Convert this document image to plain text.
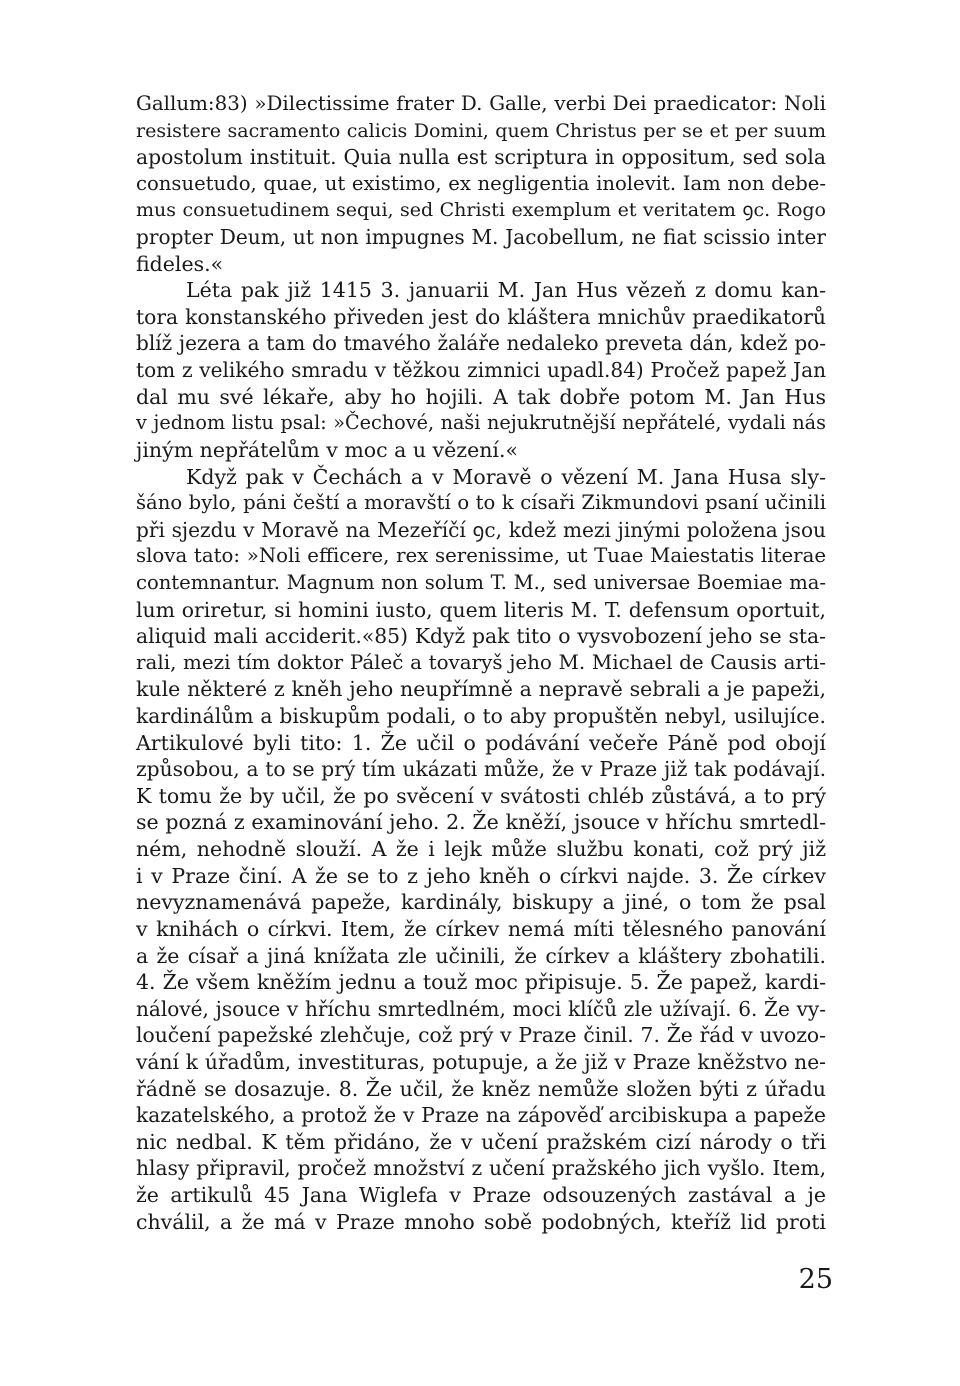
Gallum:83) »Dilectissime frater D. Galle, verbi Dei praedicator: Noli
resistere sacramento calicis Domini, quem Christus per se et per suum
apostolum instituit. Quia nulla est scriptura in oppositum, sed sola
consuetudo, quae, ut existimo, ex negligentia inolevit. Iam non debe-
mus consuetudinem sequi, sed Christi exemplum et veritatem ꝯc. Rogo
propter Deum, ut non impugnes M. Jacobellum, ne fiat scissio inter
fideles.«
Léta pak již 1415 3. januarii M. Jan Hus vězeň z domu kan-
tora konstanského přiveden jest do kláštera mnichův praedikatorů
blíž jezera a tam do tmavého žaláře nedaleko preveta dán, kdež po-
tom z velikého smradu v těžkou zimnici upadl.84) Pročež papež Jan
dal mu své lékaře, aby ho hojili. A tak dobře potom M. Jan Hus
v jednom listu psal: »Čechové, naši nejukrutnější nepřátelé, vydali nás
jiným nepřátelům v moc a u vězení.«
Když pak v Čechách a v Moravě o vězení M. Jana Husa sly-
šáno bylo, páni čeští a moravští o to k císaři Zikmundovi psaní učinili
při sjezdu v Moravě na Mezeříčí ꝯc, kdež mezi jinými položena jsou
slova tato: »Noli efficere, rex serenissime, ut Tuae Maiestatis literae
contemnantur. Magnum non solum T. M., sed universae Boemiae ma-
lum oriretur, si homini iusto, quem literis M. T. defensum oportuit,
aliquid mali acciderit.«85) Když pak tito o vysvobození jeho se sta-
rali, mezi tím doktor Páleč a tovaryš jeho M. Michael de Causis arti-
kule některé z kněh jeho neupřímně a nepravě sebrali a je papeži,
kardinálům a biskupům podali, o to aby propuštěn nebyl, usilujíce.
Artikulové byli tito: 1. Že učil o podávání večeře Páně pod obojí
způsobou, a to se prý tím ukázati může, že v Praze již tak podávají.
K tomu že by učil, že po svěcení v svátosti chléb zůstává, a to prý
se pozná z examinování jeho. 2. Že kněží, jsouce v hříchu smrtedl-
ném, nehodně slouží. A že i lejk může službu konati, což prý již
i v Praze činí. A že se to z jeho kněh o církvi najde. 3. Že církev
nevyznamenává papeže, kardinály, biskupy a jiné, o tom že psal
v knihách o církvi. Item, že církev nemá míti tělesného panování
a že císař a jiná knížata zle učinili, že církev a kláštery zbohatili.
4. Že všem kněžím jednu a touž moc připisuje. 5. Že papež, kardi-
nálové, jsouce v hříchu smrtedlném, moci klíčů zle užívají. 6. Že vy-
loučení papežské zlehčuje, což prý v Praze činil. 7. Že řád v uvozo-
vání k úřadům, investituras, potupuje, a že již v Praze kněžstvo ne-
řádně se dosazuje. 8. Že učil, že kněz nemůže složen býti z úřadu
kazatelského, a protož že v Praze na zápověď arcibiskupa a papeže
nic nedbal. K těm přidáno, že v učení pražském cizí národy o tři
hlasy připravil, pročež množství z učení pražského jich vyšlo. Item,
že artikulů 45 Jana Wiglefa v Praze odsouzených zastával a je
chválil, a že má v Praze mnoho sobě podobných, kteříž lid proti
25
